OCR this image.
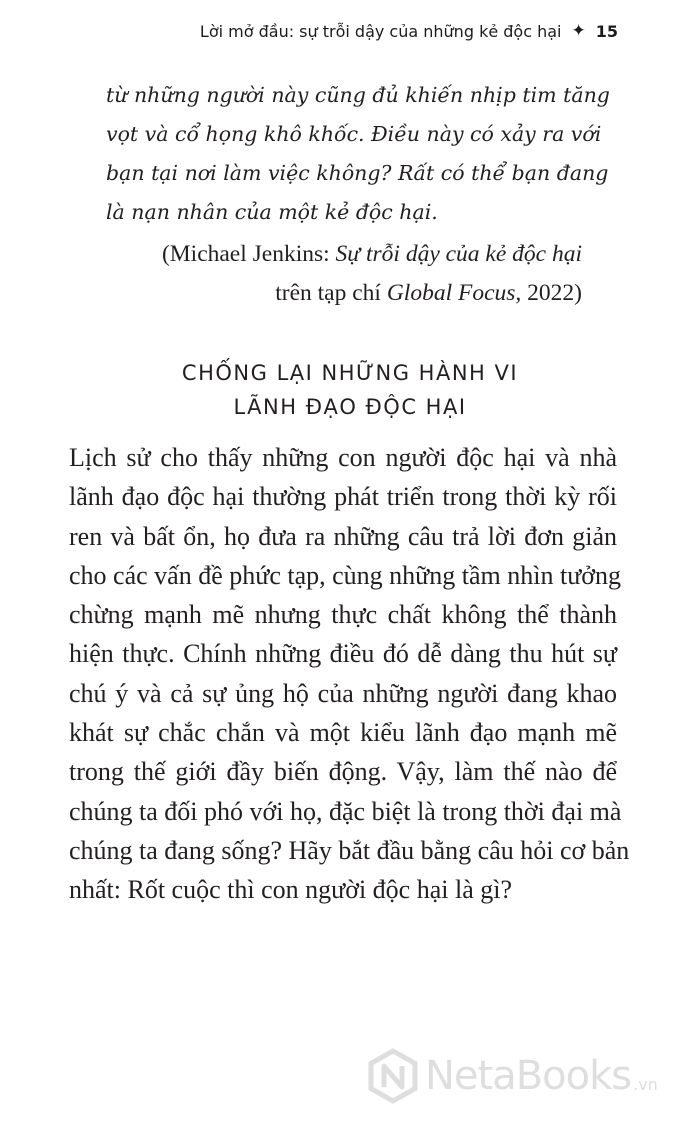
Lời mở đầu: sự trỗi dậy của những kẻ độc hại ✦ 15
từ những người này cũng đủ khiến nhịp tim tăng
vọt và cổ họng khô khốc. Điều này có xảy ra với
bạn tại nơi làm việc không? Rất có thể bạn đang
là nạn nhân của một kẻ độc hại.
(Michael Jenkins: Sự trỗi dậy của kẻ độc hại
trên tạp chí Global Focus, 2022)
CHỐNG LẠI NHỮNG HÀNH VI
LÃNH ĐẠO ĐỘC HẠI
Lịch sử cho thấy những con người độc hại và nhà
lãnh đạo độc hại thường phát triển trong thời kỳ rối
ren và bất ổn, họ đưa ra những câu trả lời đơn giản
cho các vấn đề phức tạp, cùng những tầm nhìn tưởng
chừng mạnh mẽ nhưng thực chất không thể thành
hiện thực. Chính những điều đó dễ dàng thu hút sự
chú ý và cả sự ủng hộ của những người đang khao
khát sự chắc chắn và một kiểu lãnh đạo mạnh mẽ
trong thế giới đầy biến động. Vậy, làm thế nào để
chúng ta đối phó với họ, đặc biệt là trong thời đại mà
chúng ta đang sống? Hãy bắt đầu bằng câu hỏi cơ bản
nhất: Rốt cuộc thì con người độc hại là gì?
NetaBooks .vn
